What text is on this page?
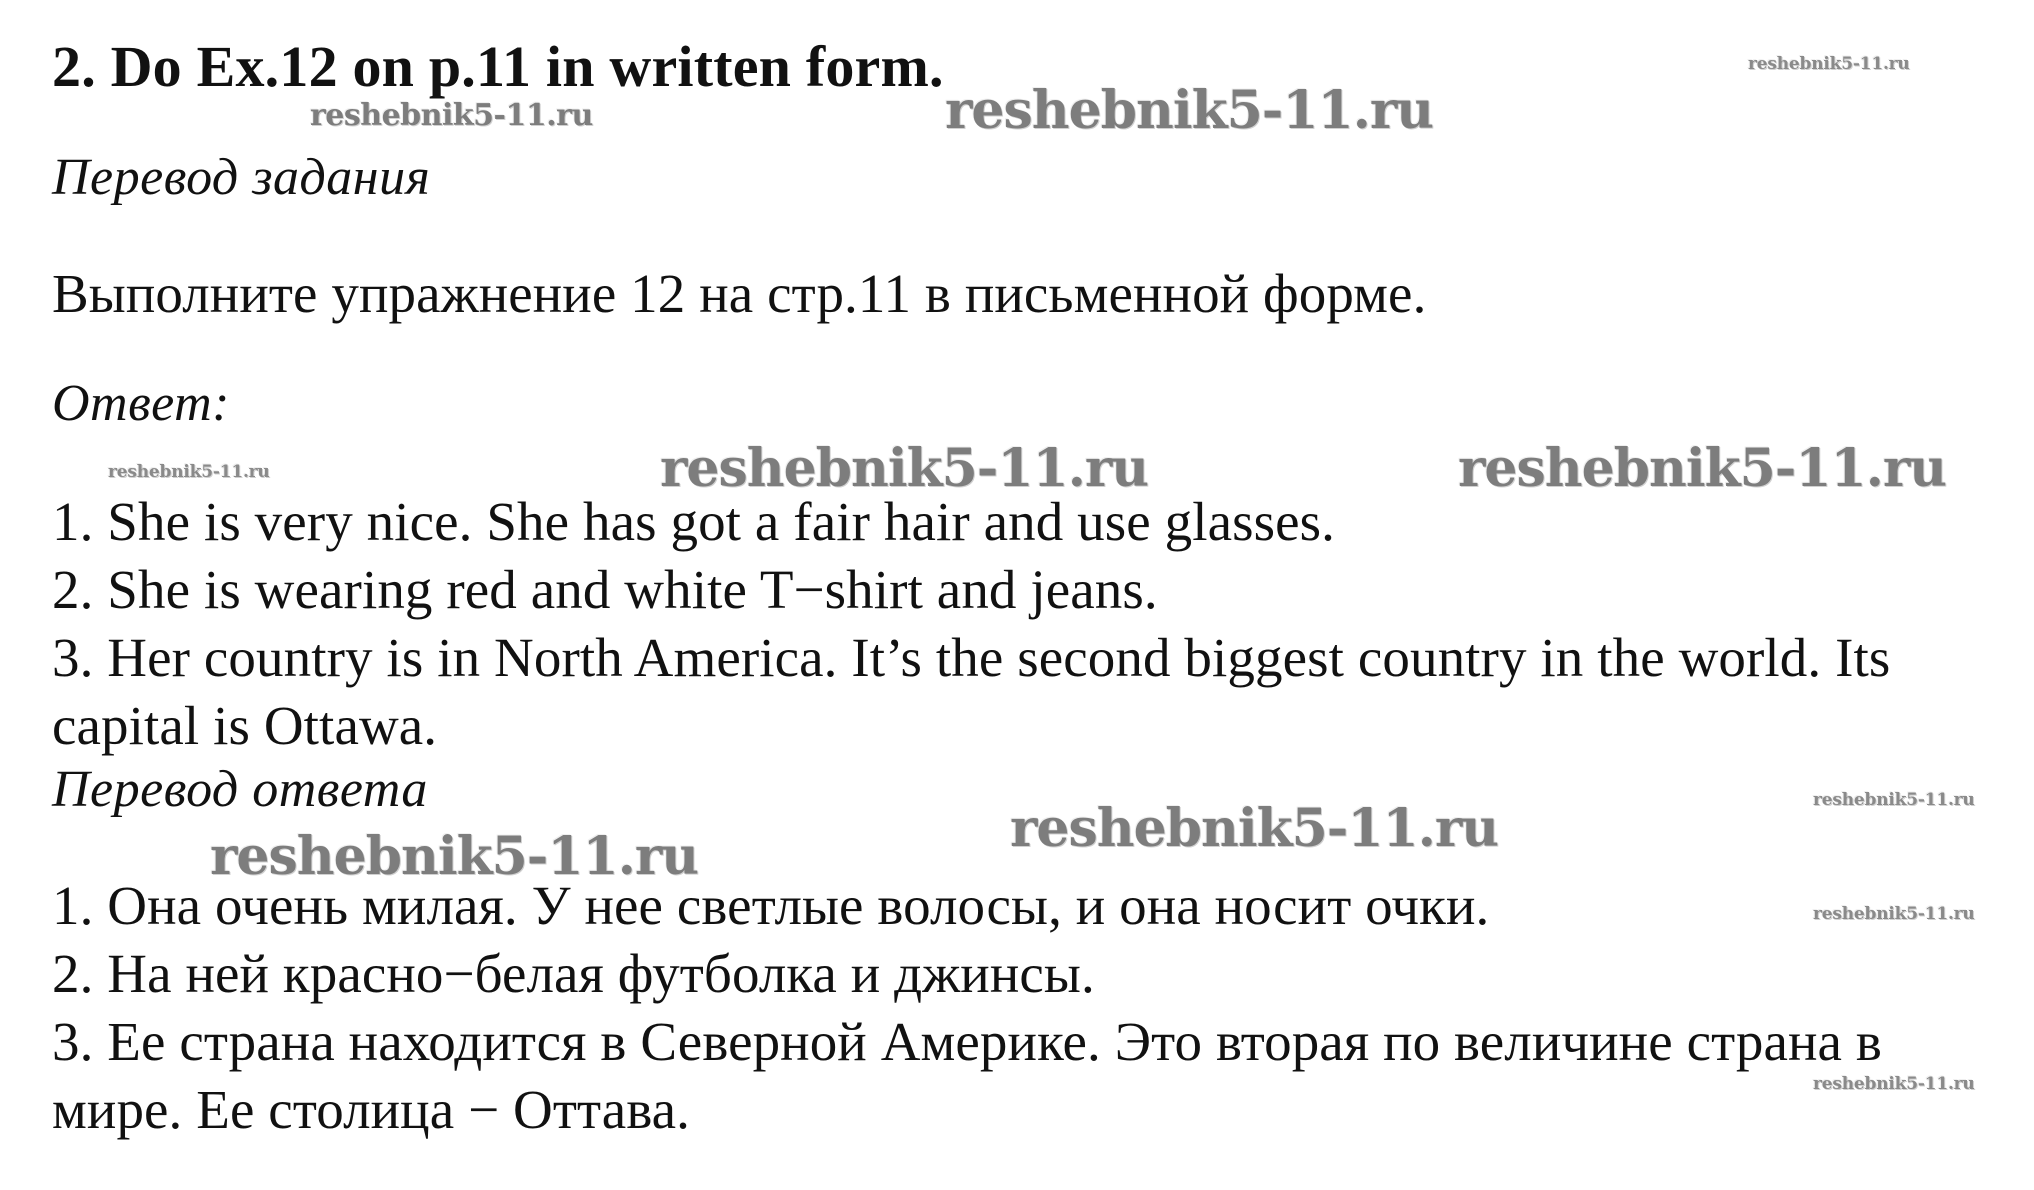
2. Do Ex.12 on p.11 in written form.
Перевод задания
Выполните упражнение 12 на стр.11 в письменной форме.
Ответ:
1. She is very nice. She has got a fair hair and use glasses.
2. She is wearing red and white T−shirt and jeans.
3. Her country is in North America. It’s the second biggest country in the world. Its
capital is Ottawa.
Перевод ответа
1. Она очень милая. У нее светлые волосы, и она носит очки.
2. На ней красно−белая футболка и джинсы.
3. Ее страна находится в Северной Америке. Это вторая по величине страна в
мире. Ее столица − Оттава.
reshebnik5-11.ru
reshebnik5-11.ru	reshebnik5-11.ru
reshebnik5-11.ru	reshebnik5-11.ru	reshebnik5-11.ru
reshebnik5-11.ru
reshebnik5-11.ru
reshebnik5-11.ru
reshebnik5-11.ru
reshebnik5-11.ru
